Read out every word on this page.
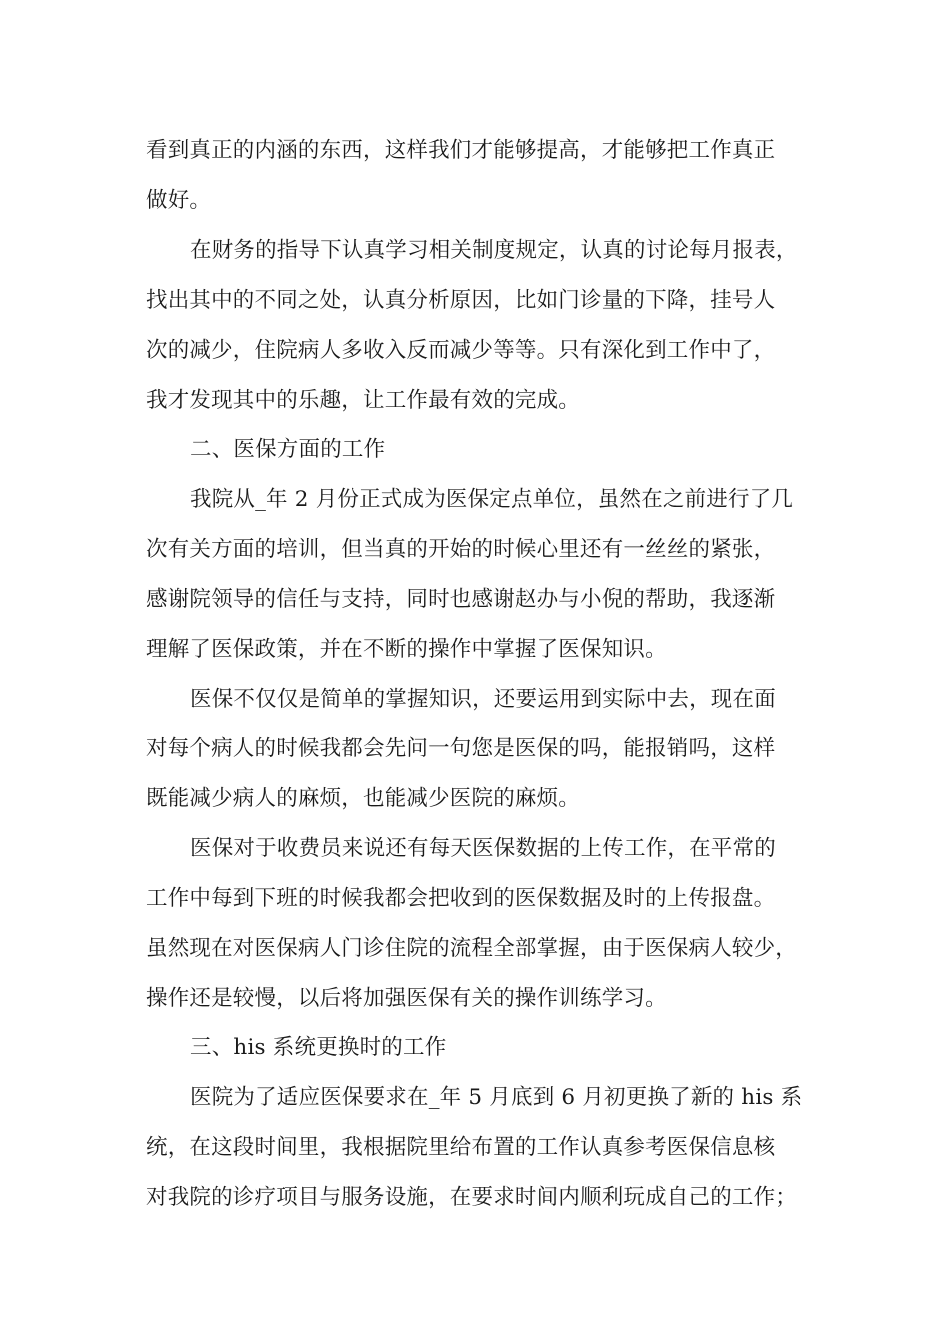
看到真正的内涵的东西，这样我们才能够提高，才能够把工作真正
做好。
在财务的指导下认真学习相关制度规定，认真的讨论每月报表，
找出其中的不同之处，认真分析原因，比如门诊量的下降，挂号人
次的减少，住院病人多收入反而减少等等。只有深化到工作中了，
我才发现其中的乐趣，让工作最有效的完成。
二、医保方面的工作
我院从_年 2 月份正式成为医保定点单位，虽然在之前进行了几
次有关方面的培训，但当真的开始的时候心里还有一丝丝的紧张，
感谢院领导的信任与支持，同时也感谢赵办与小倪的帮助，我逐渐
理解了医保政策，并在不断的操作中掌握了医保知识。
医保不仅仅是简单的掌握知识，还要运用到实际中去，现在面
对每个病人的时候我都会先问一句您是医保的吗，能报销吗，这样
既能减少病人的麻烦，也能减少医院的麻烦。
医保对于收费员来说还有每天医保数据的上传工作，在平常的
工作中每到下班的时候我都会把收到的医保数据及时的上传报盘。
虽然现在对医保病人门诊住院的流程全部掌握，由于医保病人较少，
操作还是较慢，以后将加强医保有关的操作训练学习。
三、his 系统更换时的工作
医院为了适应医保要求在_年 5 月底到 6 月初更换了新的 his 系
统，在这段时间里，我根据院里给布置的工作认真参考医保信息核
对我院的诊疗项目与服务设施，在要求时间内顺利玩成自己的工作；
